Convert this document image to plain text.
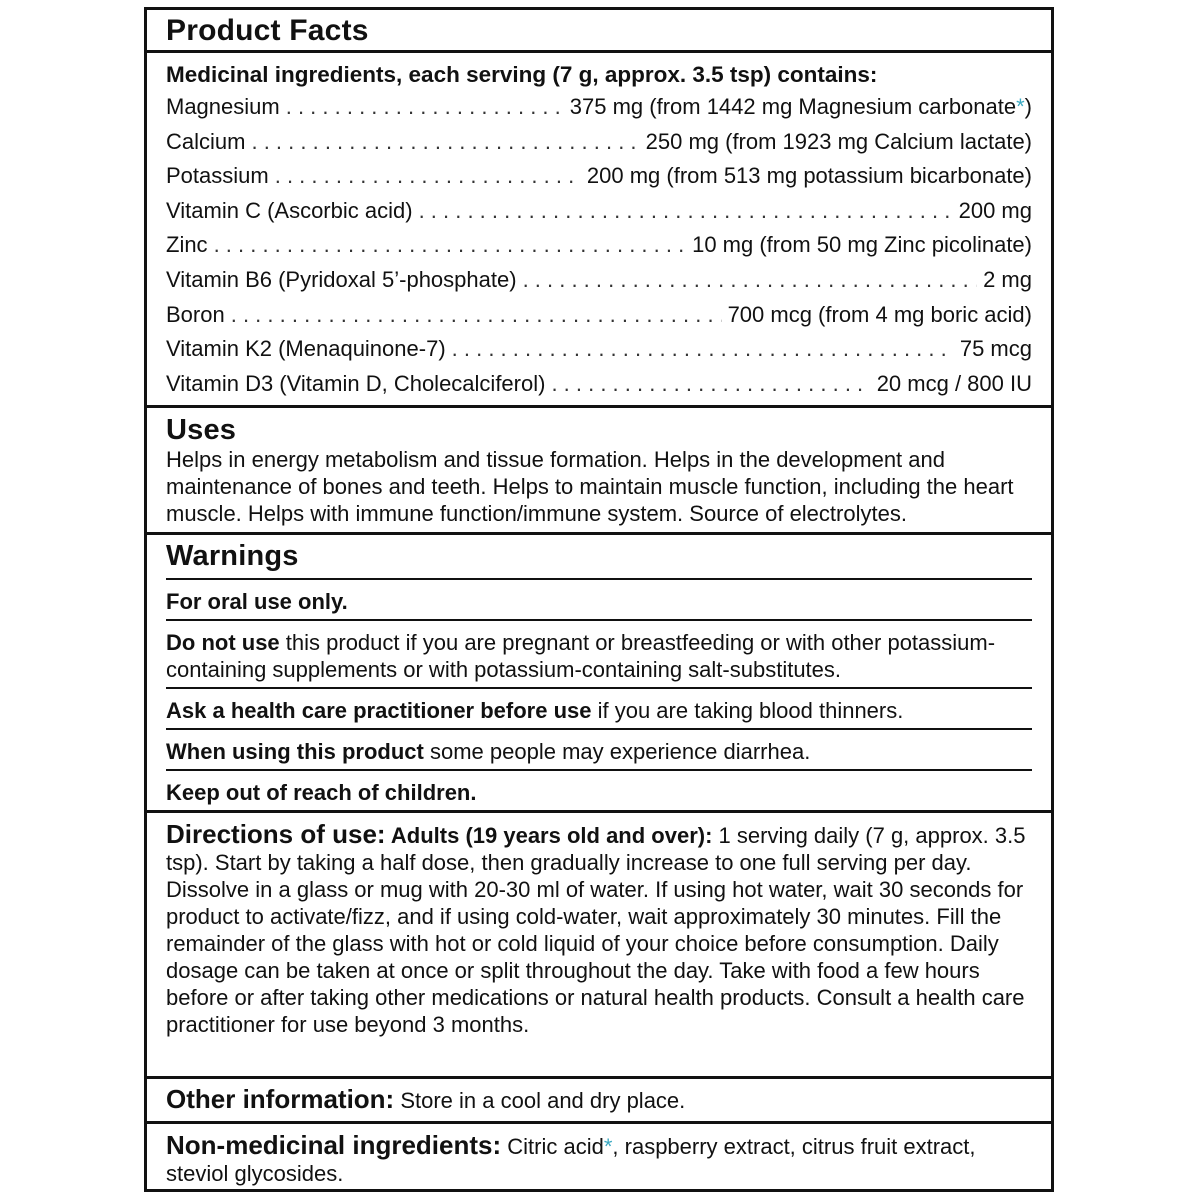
Product Facts
Medicinal ingredients, each serving (7 g, approx. 3.5 tsp) contains:
Magnesium . . .	375 mg (from 1442 mg Magnesium carbonate*)
Calcium . . .	250 mg (from 1923 mg Calcium lactate)
Potassium . . .	200 mg (from 513 mg potassium bicarbonate)
Vitamin C (Ascorbic acid) . . .	200 mg
Zinc . . .	10 mg (from 50 mg Zinc picolinate)
Vitamin B6 (Pyridoxal 5’-phosphate) . . .	2 mg
Boron . . .	700 mcg (from 4 mg boric acid)
Vitamin K2 (Menaquinone-7) . . .	75 mcg
Vitamin D3 (Vitamin D, Cholecalciferol) . . .	20 mcg / 800 IU
Uses
Helps in energy metabolism and tissue formation. Helps in the development and maintenance of bones and teeth. Helps to maintain muscle function, including the heart muscle. Helps with immune function/immune system. Source of electrolytes.
Warnings
For oral use only.
Do not use this product if you are pregnant or breastfeeding or with other potassium-containing supplements or with potassium-containing salt-substitutes.
Ask a health care practitioner before use if you are taking blood thinners.
When using this product some people may experience diarrhea.
Keep out of reach of children.
Directions of use: Adults (19 years old and over): 1 serving daily (7 g, approx. 3.5 tsp). Start by taking a half dose, then gradually increase to one full serving per day. Dissolve in a glass or mug with 20-30 ml of water. If using hot water, wait 30 seconds for product to activate/fizz, and if using cold-water, wait approximately 30 minutes. Fill the remainder of the glass with hot or cold liquid of your choice before consumption. Daily dosage can be taken at once or split throughout the day. Take with food a few hours before or after taking other medications or natural health products. Consult a health care practitioner for use beyond 3 months.
Other information: Store in a cool and dry place.
Non-medicinal ingredients: Citric acid*, raspberry extract, citrus fruit extract, steviol glycosides.
